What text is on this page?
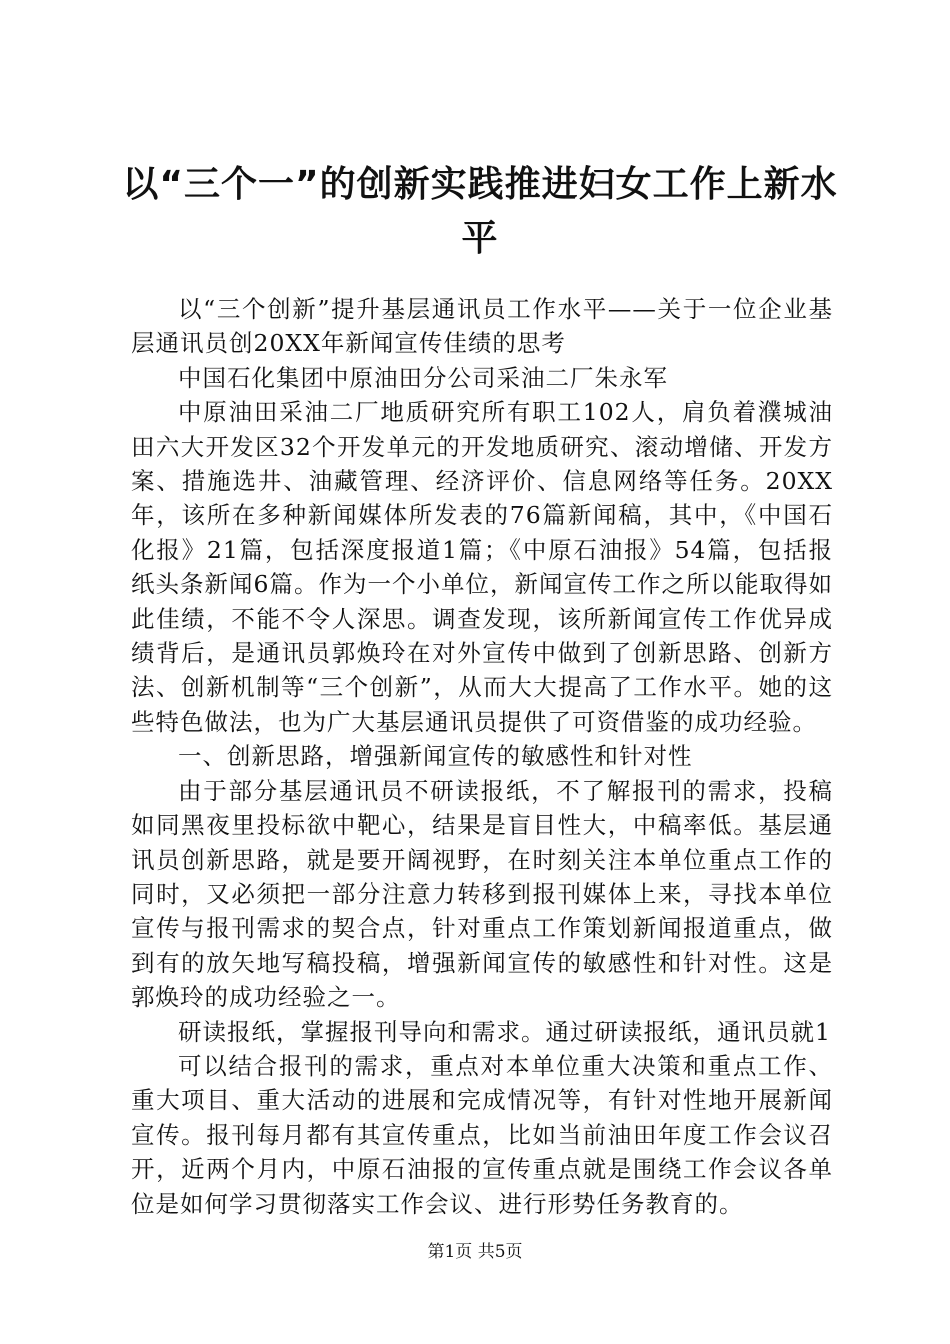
以“三个一”的创新实践推进妇女工作上新水平

以“三个创新”提升基层通讯员工作水平——关于一位企业基层通讯员创20XX年新闻宣传佳绩的思考

中国石化集团中原油田分公司采油二厂朱永军

中原油田采油二厂地质研究所有职工102人，肩负着濮城油田六大开发区32个开发单元的开发地质研究、滚动增储、开发方案、措施选井、油藏管理、经济评价、信息网络等任务。20XX年，该所在多种新闻媒体所发表的76篇新闻稿，其中，《中国石化报》21篇，包括深度报道1篇；《中原石油报》54篇，包括报纸头条新闻6篇。作为一个小单位，新闻宣传工作之所以能取得如此佳绩，不能不令人深思。调查发现，该所新闻宣传工作优异成绩背后，是通讯员郭焕玲在对外宣传中做到了创新思路、创新方法、创新机制等“三个创新”，从而大大提高了工作水平。她的这些特色做法，也为广大基层通讯员提供了可资借鉴的成功经验。

一、创新思路，增强新闻宣传的敏感性和针对性

由于部分基层通讯员不研读报纸，不了解报刊的需求，投稿如同黑夜里投标欲中靶心，结果是盲目性大，中稿率低。基层通讯员创新思路，就是要开阔视野，在时刻关注本单位重点工作的同时，又必须把一部分注意力转移到报刊媒体上来，寻找本单位宣传与报刊需求的契合点，针对重点工作策划新闻报道重点，做到有的放矢地写稿投稿，增强新闻宣传的敏感性和针对性。这是郭焕玲的成功经验之一。

研读报纸，掌握报刊导向和需求。通过研读报纸，通讯员就1

可以结合报刊的需求，重点对本单位重大决策和重点工作、重大项目、重大活动的进展和完成情况等，有针对性地开展新闻宣传。报刊每月都有其宣传重点，比如当前油田年度工作会议召开，近两个月内，中原石油报的宣传重点就是围绕工作会议各单位是如何学习贯彻落实工作会议、进行形势任务教育的。

第1页 共5页
